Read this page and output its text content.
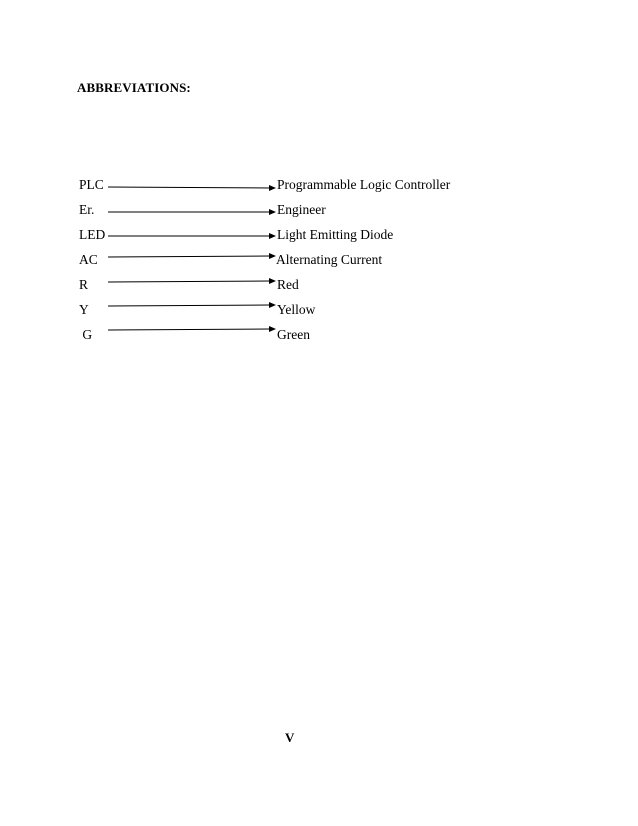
ABBREVIATIONS:
PLC	Programmable Logic Controller
Er.	Engineer
LED	Light Emitting Diode
AC	Alternating Current
R	Red
Y	Yellow
G	Green
V
